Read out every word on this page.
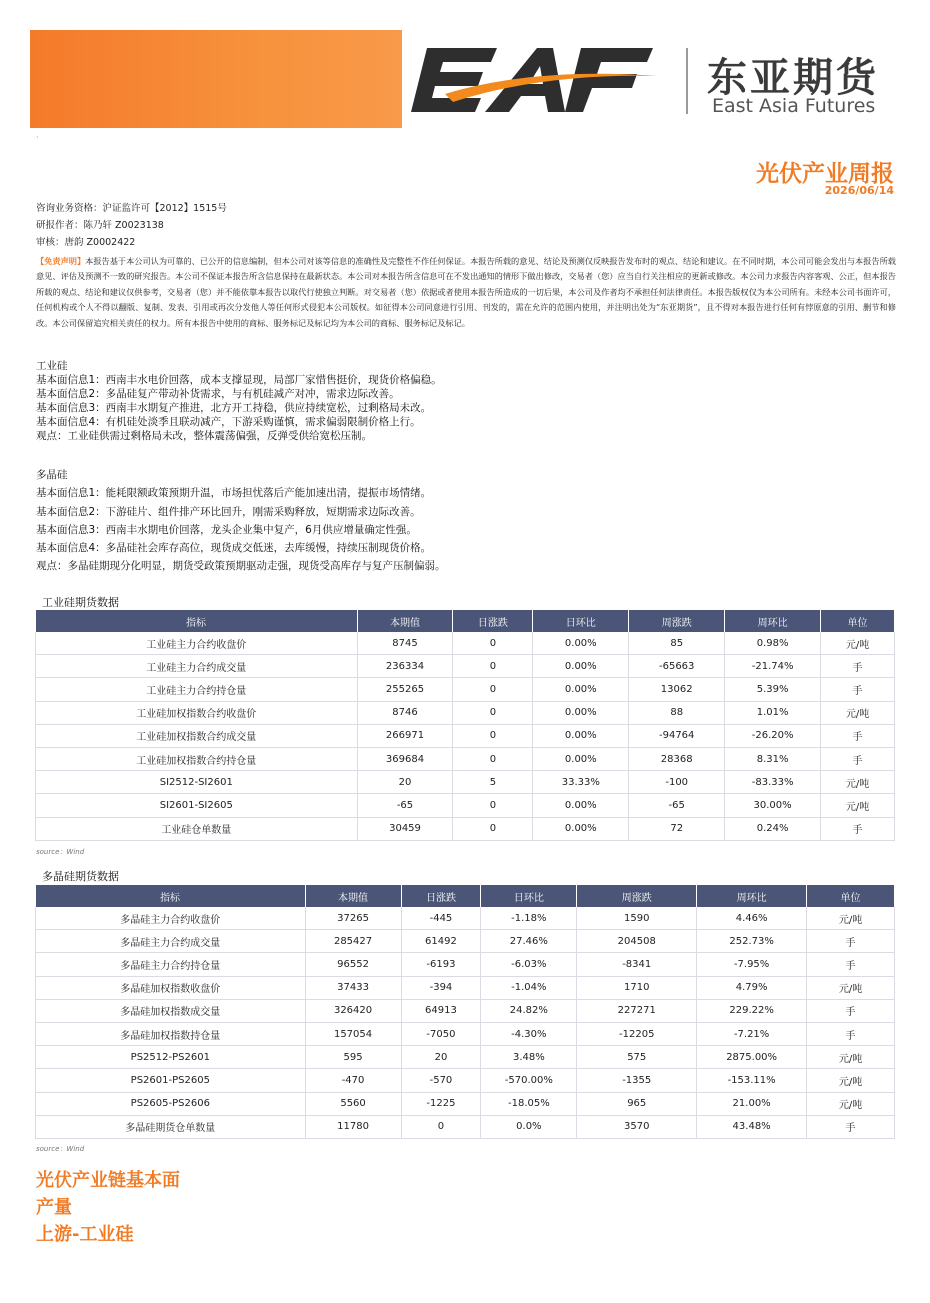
东亚期货
East Asia Futures
·
光伏产业周报
2026/06/14
咨询业务资格：沪证监许可【2012】1515号
研报作者：陈乃轩 Z0023138
审核：唐韵 Z0002422
【免责声明】本报告基于本公司认为可靠的、已公开的信息编制，但本公司对该等信息的准确性及完整性不作任何保证。本报告所载的意见、结论及预测仅反映报告发布时的观点、结论和建议。在不同时期，本公司可能会发出与本报告所载意见、评估及预测不一致的研究报告。本公司不保证本报告所含信息保持在最新状态。本公司对本报告所含信息可在不发出通知的情形下做出修改，交易者（您）应当自行关注相应的更新或修改。本公司力求报告内容客观、公正，但本报告所载的观点、结论和建议仅供参考，交易者（您）并不能依靠本报告以取代行使独立判断。对交易者（您）依据或者使用本报告所造成的一切后果，本公司及作者均不承担任何法律责任。本报告版权仅为本公司所有。未经本公司书面许可，任何机构或个人不得以翻版、复制、发表、引用或再次分发他人等任何形式侵犯本公司版权。如征得本公司同意进行引用、刊发的，需在允许的范围内使用，并注明出处为“东亚期货”，且不得对本报告进行任何有悖原意的引用、删节和修改。本公司保留追究相关责任的权力。所有本报告中使用的商标、服务标记及标记均为本公司的商标、服务标记及标记。
工业硅
基本面信息1：西南丰水电价回落，成本支撑显现，局部厂家惜售挺价，现货价格偏稳。
基本面信息2：多晶硅复产带动补货需求，与有机硅减产对冲，需求边际改善。
基本面信息3：西南丰水期复产推进，北方开工持稳，供应持续宽松，过剩格局未改。
基本面信息4：有机硅处淡季且联动减产，下游采购谨慎，需求偏弱限制价格上行。
观点：工业硅供需过剩格局未改，整体震荡偏强，反弹受供给宽松压制。
多晶硅
基本面信息1：能耗限额政策预期升温，市场担忧落后产能加速出清，提振市场情绪。
基本面信息2：下游硅片、组件排产环比回升，刚需采购释放，短期需求边际改善。
基本面信息3：西南丰水期电价回落，龙头企业集中复产，6月供应增量确定性强。
基本面信息4：多晶硅社会库存高位，现货成交低迷，去库缓慢，持续压制现货价格。
观点：多晶硅期现分化明显，期货受政策预期驱动走强，现货受高库存与复产压制偏弱。
工业硅期货数据
指标	本期值	日涨跌	日环比	周涨跌	周环比	单位
工业硅主力合约收盘价	8745	0	0.00%	85	0.98%	元/吨
工业硅主力合约成交量	236334	0	0.00%	-65663	-21.74%	手
工业硅主力合约持仓量	255265	0	0.00%	13062	5.39%	手
工业硅加权指数合约收盘价	8746	0	0.00%	88	1.01%	元/吨
工业硅加权指数合约成交量	266971	0	0.00%	-94764	-26.20%	手
工业硅加权指数合约持仓量	369684	0	0.00%	28368	8.31%	手
SI2512-SI2601	20	5	33.33%	-100	-83.33%	元/吨
SI2601-SI2605	-65	0	0.00%	-65	30.00%	元/吨
工业硅仓单数量	30459	0	0.00%	72	0.24%	手
source：Wind
多晶硅期货数据
指标	本期值	日涨跌	日环比	周涨跌	周环比	单位
多晶硅主力合约收盘价	37265	-445	-1.18%	1590	4.46%	元/吨
多晶硅主力合约成交量	285427	61492	27.46%	204508	252.73%	手
多晶硅主力合约持仓量	96552	-6193	-6.03%	-8341	-7.95%	手
多晶硅加权指数收盘价	37433	-394	-1.04%	1710	4.79%	元/吨
多晶硅加权指数成交量	326420	64913	24.82%	227271	229.22%	手
多晶硅加权指数持仓量	157054	-7050	-4.30%	-12205	-7.21%	手
PS2512-PS2601	595	20	3.48%	575	2875.00%	元/吨
PS2601-PS2605	-470	-570	-570.00%	-1355	-153.11%	元/吨
PS2605-PS2606	5560	-1225	-18.05%	965	21.00%	元/吨
多晶硅期货仓单数量	11780	0	0.0%	3570	43.48%	手
source：Wind
光伏产业链基本面
产量
上游-工业硅
